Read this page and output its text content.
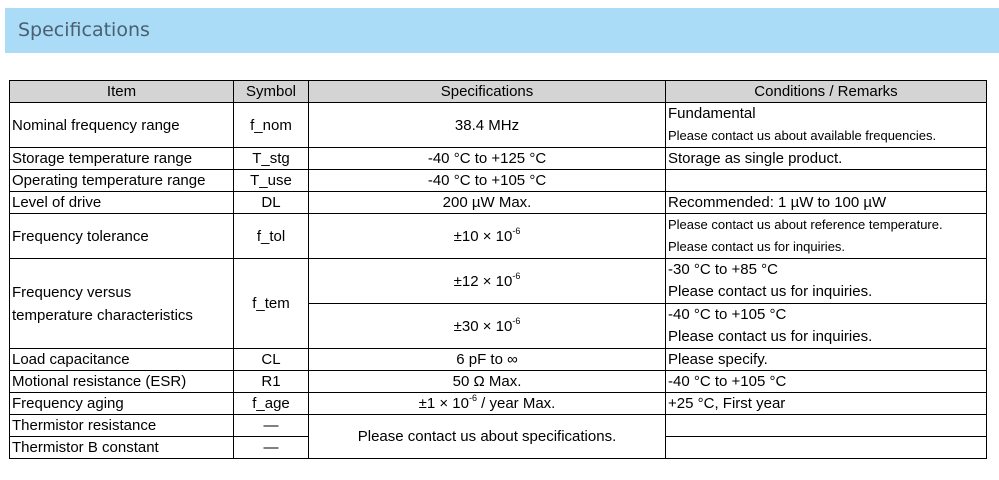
Specifications
Item	Symbol	Specifications	Conditions / Remarks
Nominal frequency range	f_nom	38.4 MHz	Fundamental
Please contact us about available frequencies.

Storage temperature range	T_stg	-40 °C to +125 °C	Storage as single product.
Operating temperature range	T_use	-40 °C to +105 °C	
Level of drive	DL	200 µW Max.	Recommended: 1 µW to 100 µW
Frequency tolerance	f_tol	$\pm 10 \times 10^{-6}$	Please contact us about reference temperature.
Please contact us for inquiries.

Frequency versus
temperature characteristics	f_tem	$\pm 12 \times 10^{-6}$	-30 °C to +85 °C
Please contact us for inquiries.

		$\pm 30 \times 10^{-6}$	-40 °C to +105 °C
Please contact us for inquiries.

Load capacitance	CL	6 pF to ∞	Please specify.
Motional resistance (ESR)	R1	50 Ω Max.	-40 °C to +105 °C
Frequency aging	f_age	$\pm 1 \times 10^{-6}$ / year Max.	+25 °C, First year
Thermistor resistance	—	Please contact us about specifications.	
Thermistor B constant	—		
